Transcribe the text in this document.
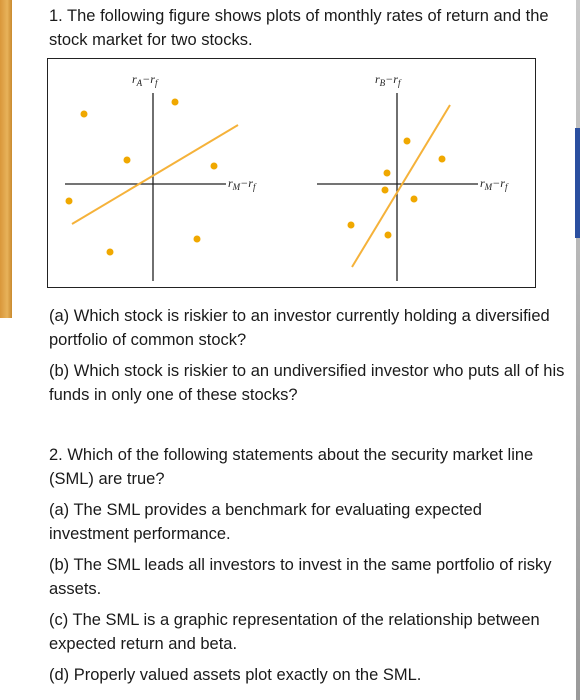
1. The following figure shows plots of monthly rates of return and the stock market for two stocks.

$r_A-r_f$
$r_M-r_f$
$r_B-r_f$
$r_M-r_f$

(a) Which stock is riskier to an investor currently holding a diversified portfolio of common stock?

(b) Which stock is riskier to an undiversified investor who puts all of his funds in only one of these stocks?

2. Which of the following statements about the security market line (SML) are true?

(a) The SML provides a benchmark for evaluating expected investment performance.

(b) The SML leads all investors to invest in the same portfolio of risky assets.

(c) The SML is a graphic representation of the relationship between expected return and beta.

(d) Properly valued assets plot exactly on the SML.
